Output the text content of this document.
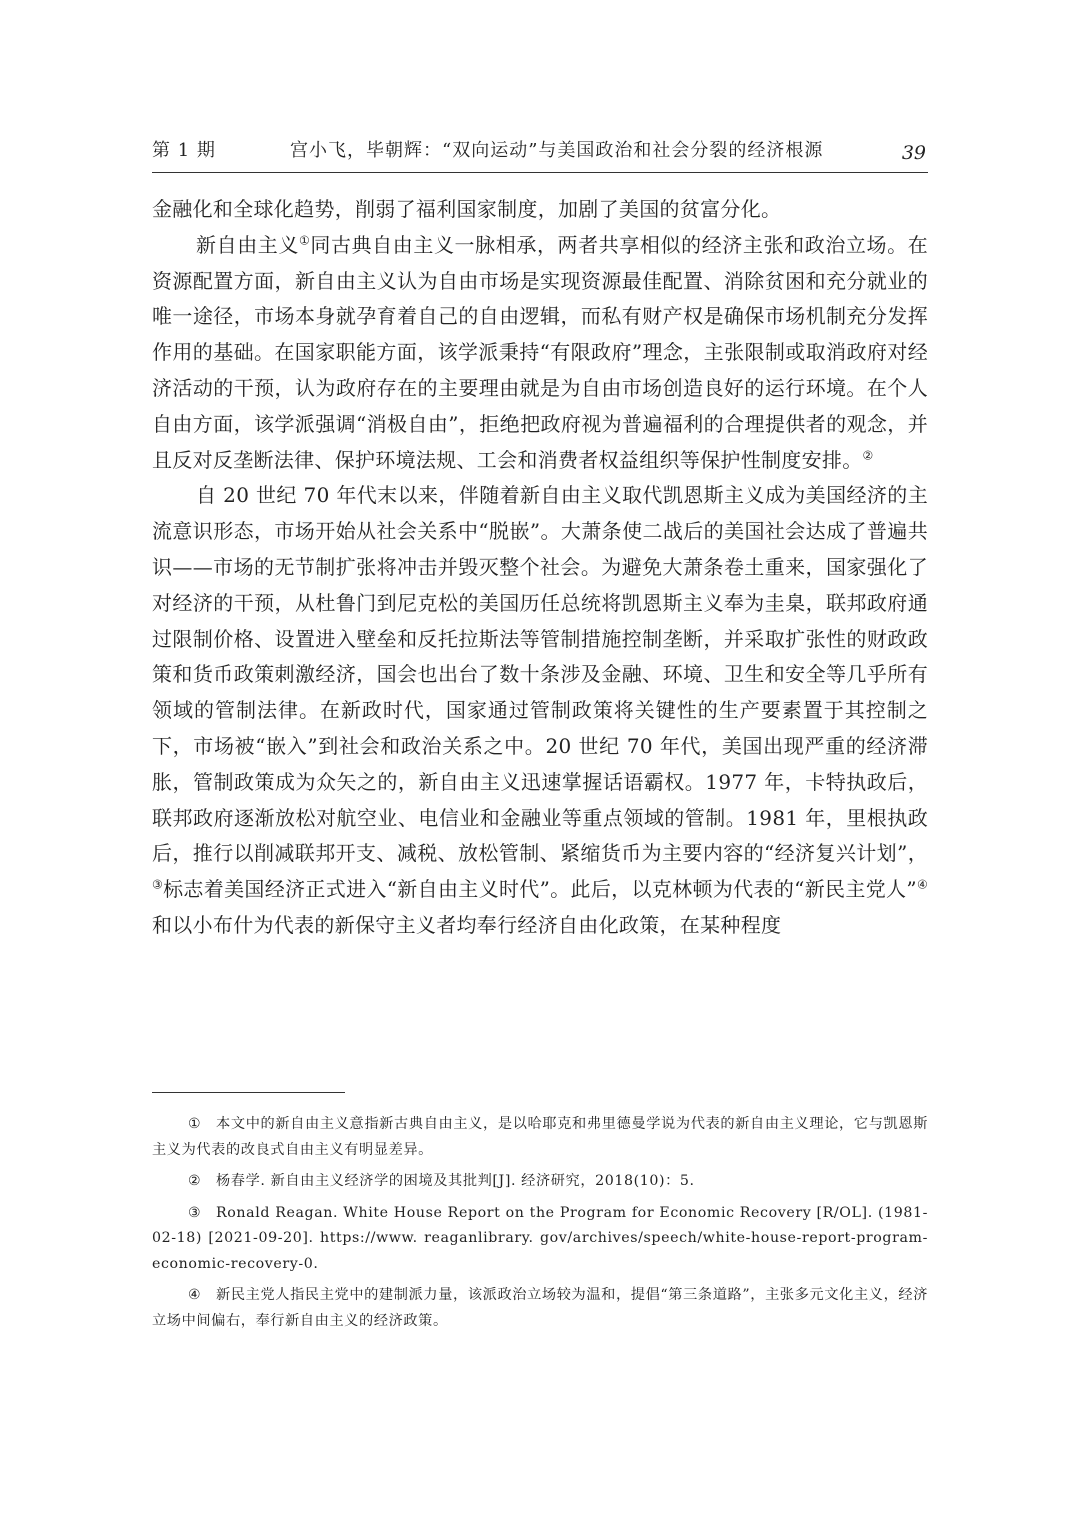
第 1 期	宫小飞，毕朝辉：“双向运动”与美国政治和社会分裂的经济根源	39

金融化和全球化趋势，削弱了福利国家制度，加剧了美国的贫富分化。

新自由主义①同古典自由主义一脉相承，两者共享相似的经济主张和政治立场。在资源配置方面，新自由主义认为自由市场是实现资源最佳配置、消除贫困和充分就业的唯一途径，市场本身就孕育着自己的自由逻辑，而私有财产权是确保市场机制充分发挥作用的基础。在国家职能方面，该学派秉持“有限政府”理念，主张限制或取消政府对经济活动的干预，认为政府存在的主要理由就是为自由市场创造良好的运行环境。在个人自由方面，该学派强调“消极自由”，拒绝把政府视为普遍福利的合理提供者的观念，并且反对反垄断法律、保护环境法规、工会和消费者权益组织等保护性制度安排。②

自 20 世纪 70 年代末以来，伴随着新自由主义取代凯恩斯主义成为美国经济的主流意识形态，市场开始从社会关系中“脱嵌”。大萧条使二战后的美国社会达成了普遍共识——市场的无节制扩张将冲击并毁灭整个社会。为避免大萧条卷土重来，国家强化了对经济的干预，从杜鲁门到尼克松的美国历任总统将凯恩斯主义奉为圭臬，联邦政府通过限制价格、设置进入壁垒和反托拉斯法等管制措施控制垄断，并采取扩张性的财政政策和货币政策刺激经济，国会也出台了数十条涉及金融、环境、卫生和安全等几乎所有领域的管制法律。在新政时代，国家通过管制政策将关键性的生产要素置于其控制之下，市场被“嵌入”到社会和政治关系之中。20 世纪 70 年代，美国出现严重的经济滞胀，管制政策成为众矢之的，新自由主义迅速掌握话语霸权。1977 年，卡特执政后，联邦政府逐渐放松对航空业、电信业和金融业等重点领域的管制。1981 年，里根执政后，推行以削减联邦开支、减税、放松管制、紧缩货币为主要内容的“经济复兴计划”，③标志着美国经济正式进入“新自由主义时代”。此后，以克林顿为代表的“新民主党人”④和以小布什为代表的新保守主义者均奉行经济自由化政策，在某种程度

① 本文中的新自由主义意指新古典自由主义，是以哈耶克和弗里德曼学说为代表的新自由主义理论，它与凯恩斯主义为代表的改良式自由主义有明显差异。

② 杨春学. 新自由主义经济学的困境及其批判[J]. 经济研究，2018(10)：5.

③ Ronald Reagan. White House Report on the Program for Economic Recovery [R/OL]. (1981-02-18) [2021-09-20]. https://www. reaganlibrary. gov/archives/speech/white-house-report-program-economic-recovery-0.

④ 新民主党人指民主党中的建制派力量，该派政治立场较为温和，提倡“第三条道路”，主张多元文化主义，经济立场中间偏右，奉行新自由主义的经济政策。
